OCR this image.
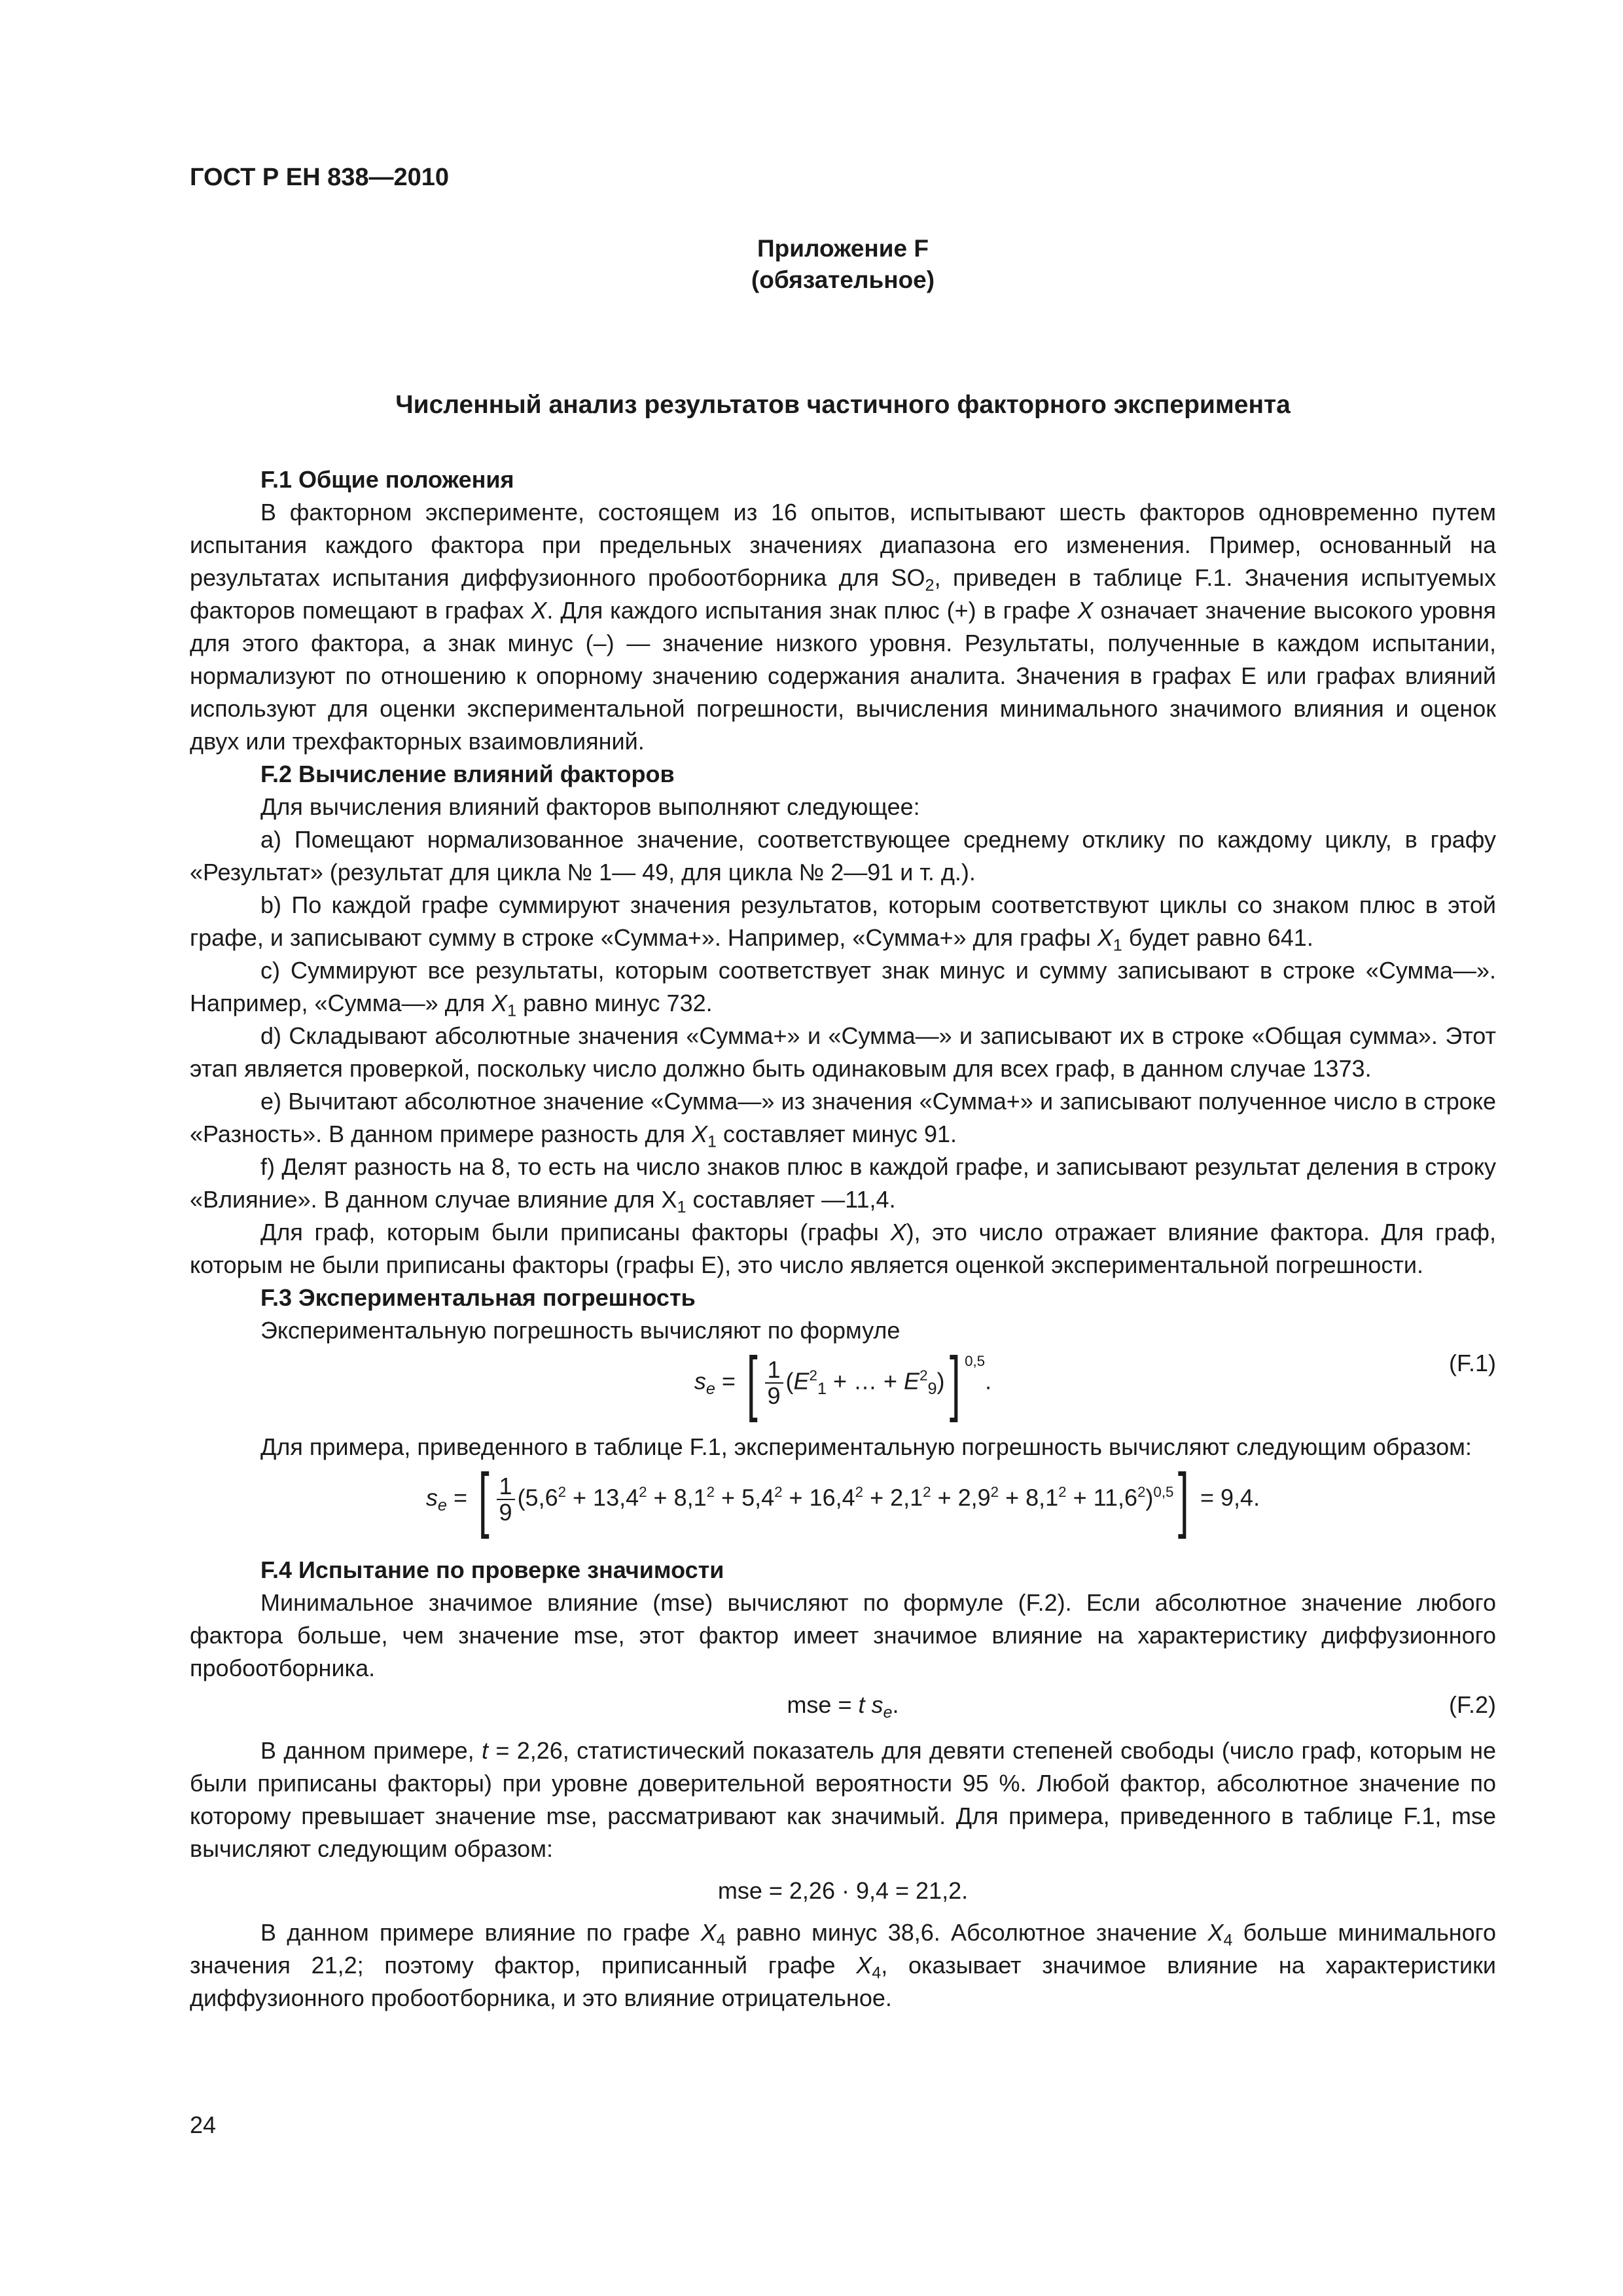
ГОСТ Р ЕН 838—2010
Приложение F
(обязательное)
Численный анализ результатов частичного факторного эксперимента
F.1 Общие положения

В факторном эксперименте, состоящем из 16 опытов, испытывают шесть факторов одновременно путем испытания каждого фактора при предельных значениях диапазона его изменения. Пример, основанный на результатах испытания диффузионного пробоотборника для $SO_2$, приведен в таблице F.1. Значения испытуемых факторов помещают в графах X. Для каждого испытания знак плюс (+) в графе X означает значение высокого уровня для этого фактора, а знак минус (–) — значение низкого уровня. Результаты, полученные в каждом испытании, нормализуют по отношению к опорному значению содержания аналита. Значения в графах Е или графах влияний используют для оценки экспериментальной погрешности, вычисления минимального значимого влияния и оценок двух или трехфакторных взаимовлияний.

F.2 Вычисление влияний факторов

Для вычисления влияний факторов выполняют следующее:

а) Помещают нормализованное значение, соответствующее среднему отклику по каждому циклу, в графу «Результат» (результат для цикла № 1— 49, для цикла № 2—91 и т. д.).

b) По каждой графе суммируют значения результатов, которым соответствуют циклы со знаком плюс в этой графе, и записывают сумму в строке «Сумма+». Например, «Сумма+» для графы $X_1$ будет равно 641.

c) Суммируют все результаты, которым соответствует знак минус и сумму записывают в строке «Сумма—». Например, «Сумма—» для $X_1$ равно минус 732.

d) Складывают абсолютные значения «Сумма+» и «Сумма—» и записывают их в строке «Общая сумма». Этот этап является проверкой, поскольку число должно быть одинаковым для всех граф, в данном случае 1373.

e) Вычитают абсолютное значение «Сумма—» из значения «Сумма+» и записывают полученное число в строке «Разность». В данном примере разность для $X_1$ составляет минус 91.

f) Делят разность на 8, то есть на число знаков плюс в каждой графе, и записывают результат деления в строку «Влияние». В данном случае влияние для $X_1$ составляет —11,4.

Для граф, которым были приписаны факторы (графы X), это число отражает влияние фактора. Для граф, которым не были приписаны факторы (графы Е), это число является оценкой экспериментальной погрешности.

F.3 Экспериментальная погрешность

Экспериментальную погрешность вычисляют по формуле

$s_e$ = [ $\frac{1}{9} (E^2_1$ + … + $E^2_9$)] $^{0,5}$.
(F.1)

Для примера, приведенного в таблице F.1, экспериментальную погрешность вычисляют следующим образом:

$s_e$ = [ $\frac{1}{9} (5,6^2 + 13,4^2 + 8,1^2 + 5,4^2 + 16,4^2 + 2,1^2 + 2,9^2 + 8,1^2 + 11,6^2)^{0,5}] = 9,4$.
F.4 Испытание по проверке значимости

Минимальное значимое влияние (mse) вычисляют по формуле (F.2). Если абсолютное значение любого фактора больше, чем значение mse, этот фактор имеет значимое влияние на характеристику диффузионного пробоотборника.

mse = t $s_e$.	(F.2)

В данном примере, t = 2,26, статистический показатель для девяти степеней свободы (число граф, которым не были приписаны факторы) при уровне доверительной вероятности 95 %. Любой фактор, абсолютное значение по которому превышает значение mse, рассматривают как значимый. Для примера, приведенного в таблице F.1, mse вычисляют следующим образом:

mse = 2,26 · 9,4 = 21,2.

В данном примере влияние по графе $X_4$ равно минус 38,6. Абсолютное значение $X_4$ больше минимального значения 21,2; поэтому фактор, приписанный графе $X_4$, оказывает значимое влияние на характеристики диффузионного пробоотборника, и это влияние отрицательное.

24
